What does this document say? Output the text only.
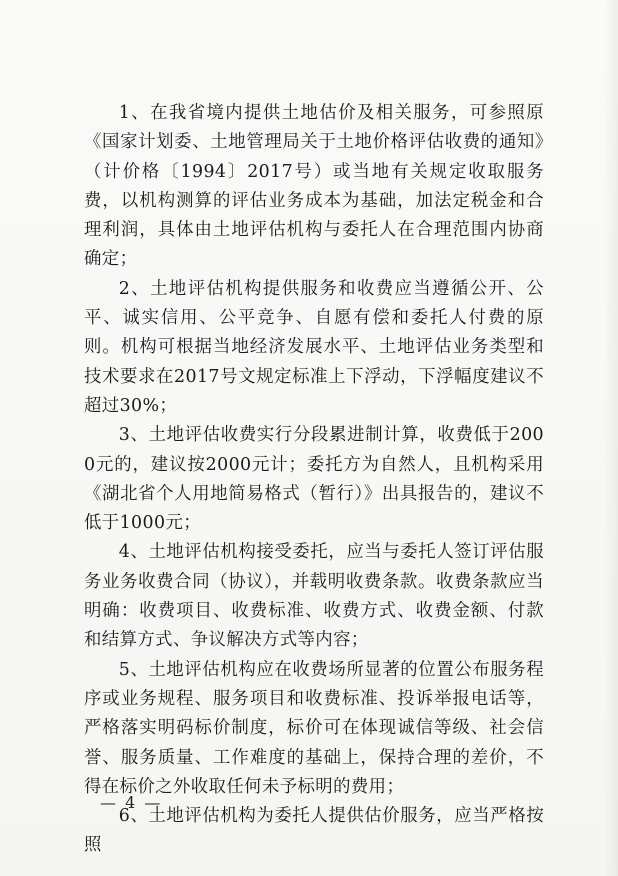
1、在我省境内提供土地估价及相关服务，可参照原《国家计划委、土地管理局关于土地价格评估收费的通知》（计价格〔1994〕2017号）或当地有关规定收取服务费，以机构测算的评估业务成本为基础，加法定税金和合理利润，具体由土地评估机构与委托人在合理范围内协商确定；

2、土地评估机构提供服务和收费应当遵循公开、公平、诚实信用、公平竞争、自愿有偿和委托人付费的原则。机构可根据当地经济发展水平、土地评估业务类型和技术要求在2017号文规定标准上下浮动，下浮幅度建议不超过30%；

3、土地评估收费实行分段累进制计算，收费低于2000元的，建议按2000元计；委托方为自然人，且机构采用《湖北省个人用地简易格式（暂行）》出具报告的，建议不低于1000元；

4、土地评估机构接受委托，应当与委托人签订评估服务业务收费合同（协议），并载明收费条款。收费条款应当明确：收费项目、收费标准、收费方式、收费金额、付款和结算方式、争议解决方式等内容；

5、土地评估机构应在收费场所显著的位置公布服务程序或业务规程、服务项目和收费标准、投诉举报电话等，严格落实明码标价制度，标价可在体现诚信等级、社会信誉、服务质量、工作难度的基础上，保持合理的差价，不得在标价之外收取任何未予标明的费用；

6、土地评估机构为委托人提供估价服务，应当严格按照

— 4 —
